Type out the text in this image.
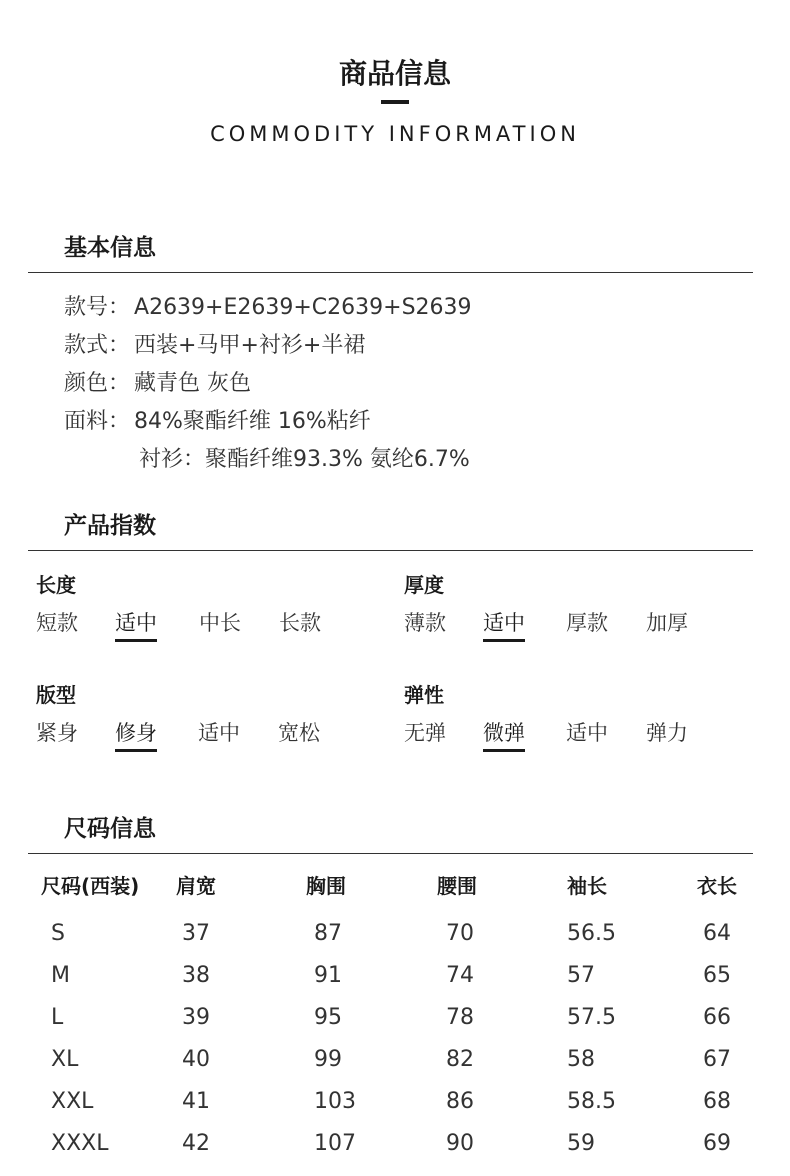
商品信息
COMMODITY INFORMATION
基本信息
款号： A2639+E2639+C2639+S2639
款式： 西装+马甲+衬衫+半裙
颜色： 藏青色 灰色
面料： 84%聚酯纤维 16%粘纤
衬衫：聚酯纤维93.3% 氨纶6.7%
产品指数
长度
短款 适中 中长 长款
厚度
薄款 适中 厚款 加厚
版型
紧身 修身 适中 宽松
弹性
无弹 微弹 适中 弹力
尺码信息
尺码(西装) 肩宽	胸围	腰围	袖长	衣长
S	37	87	70	56.5	64
M	38	91	74	57	65
L	39	95	78	57.5	66
XL	40	99	82	58	67
XXL	41	103	86	58.5	68
XXXL	42	107	90	59	69
